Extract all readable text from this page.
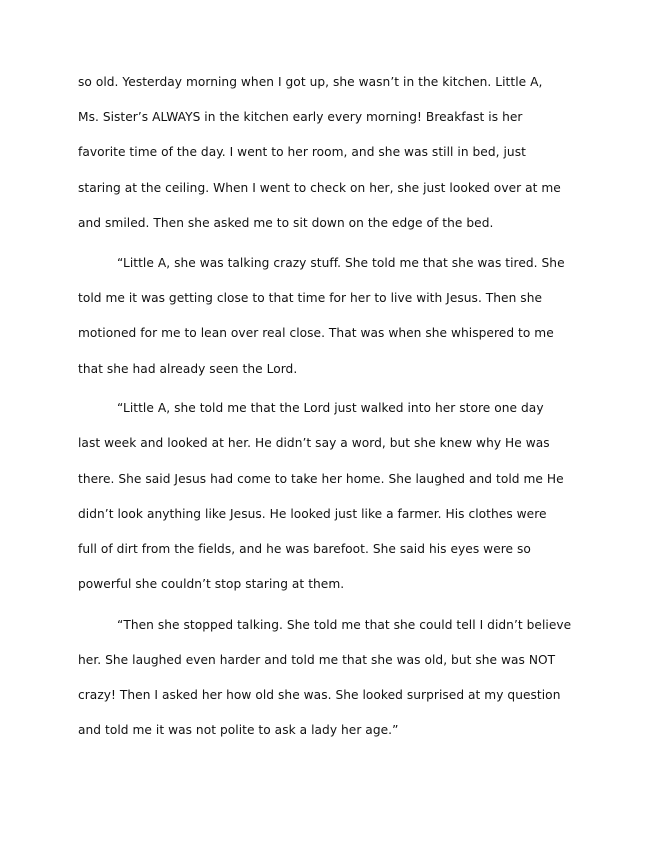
so old. Yesterday morning when I got up, she wasn’t in the kitchen. Little A,
Ms. Sister’s ALWAYS in the kitchen early every morning! Breakfast is her
favorite time of the day. I went to her room, and she was still in bed, just
staring at the ceiling. When I went to check on her, she just looked over at me
and smiled. Then she asked me to sit down on the edge of the bed.
“Little A, she was talking crazy stuff. She told me that she was tired. She
told me it was getting close to that time for her to live with Jesus. Then she
motioned for me to lean over real close. That was when she whispered to me
that she had already seen the Lord.
“Little A, she told me that the Lord just walked into her store one day
last week and looked at her. He didn’t say a word, but she knew why He was
there. She said Jesus had come to take her home. She laughed and told me He
didn’t look anything like Jesus. He looked just like a farmer. His clothes were
full of dirt from the fields, and he was barefoot. She said his eyes were so
powerful she couldn’t stop staring at them.
“Then she stopped talking. She told me that she could tell I didn’t believe
her. She laughed even harder and told me that she was old, but she was NOT
crazy! Then I asked her how old she was. She looked surprised at my question
and told me it was not polite to ask a lady her age.”
